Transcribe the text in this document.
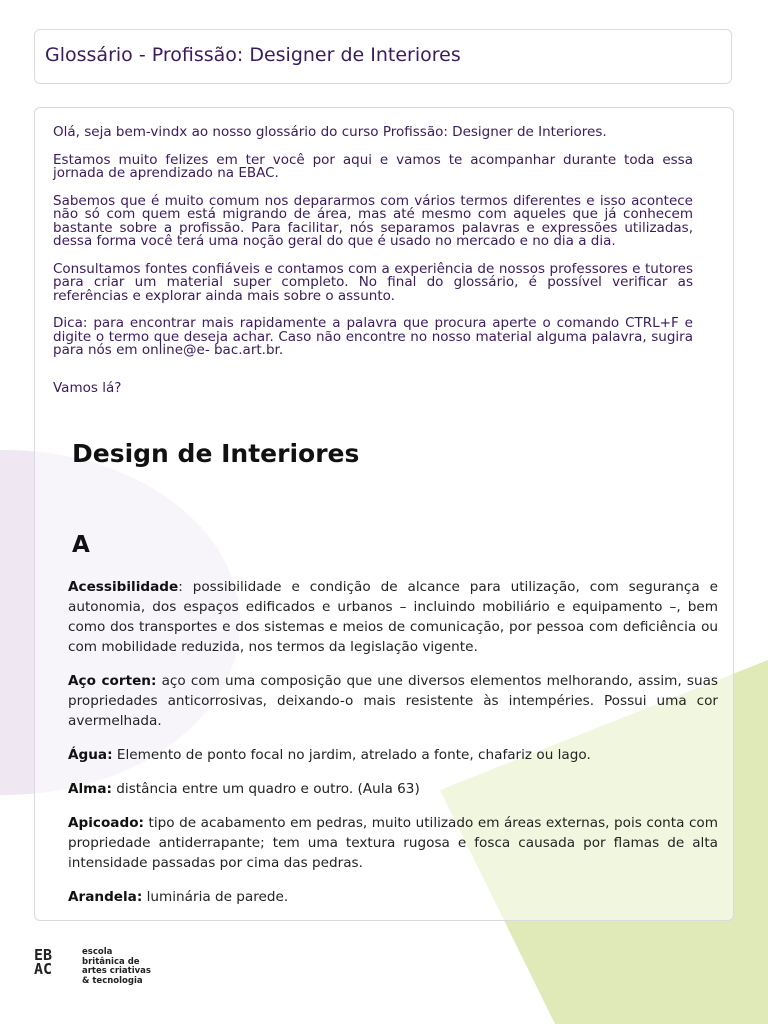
Glossário - Profissão: Designer de Interiores

Olá, seja bem-vindx ao nosso glossário do curso Profissão: Designer de Interiores.

Estamos muito felizes em ter você por aqui e vamos te acompanhar durante toda essa jornada de aprendizado na EBAC.

Sabemos que é muito comum nos depararmos com vários termos diferentes e isso acontece não só com quem está migrando de área, mas até mesmo com aqueles que já conhecem bastante sobre a profissão. Para facilitar, nós separamos palavras e expressões utilizadas, dessa forma você terá uma noção geral do que é usado no mercado e no dia a dia.

Consultamos fontes confiáveis e contamos com a experiência de nossos professores e tutores para criar um material super completo. No final do glossário, é possível verificar as referências e explorar ainda mais sobre o assunto.

Dica: para encontrar mais rapidamente a palavra que procura aperte o comando CTRL+F e digite o termo que deseja achar. Caso não encontre no nosso material alguma palavra, sugira para nós em online@e- bac.art.br.

Vamos lá?

Design de Interiores
A

Acessibilidade: possibilidade e condição de alcance para utilização, com segurança e autonomia, dos espaços edificados e urbanos – incluindo mobiliário e equipamento –, bem como dos transportes e dos sistemas e meios de comunicação, por pessoa com deficiência ou com mobilidade reduzida, nos termos da legislação vigente.

Aço corten: aço com uma composição que une diversos elementos melhorando, assim, suas propriedades anticorrosivas, deixando-o mais resistente às intempéries. Possui uma cor avermelhada.

Água: Elemento de ponto focal no jardim, atrelado a fonte, chafariz ou lago.

Alma: distância entre um quadro e outro. (Aula 63)

Apicoado: tipo de acabamento em pedras, muito utilizado em áreas externas, pois conta com propriedade antiderrapante; tem uma textura rugosa e fosca causada por flamas de alta intensidade passadas por cima das pedras.

Arandela: luminária de parede.

EB
AC
escola
britânica de
artes criativas
& tecnologia
